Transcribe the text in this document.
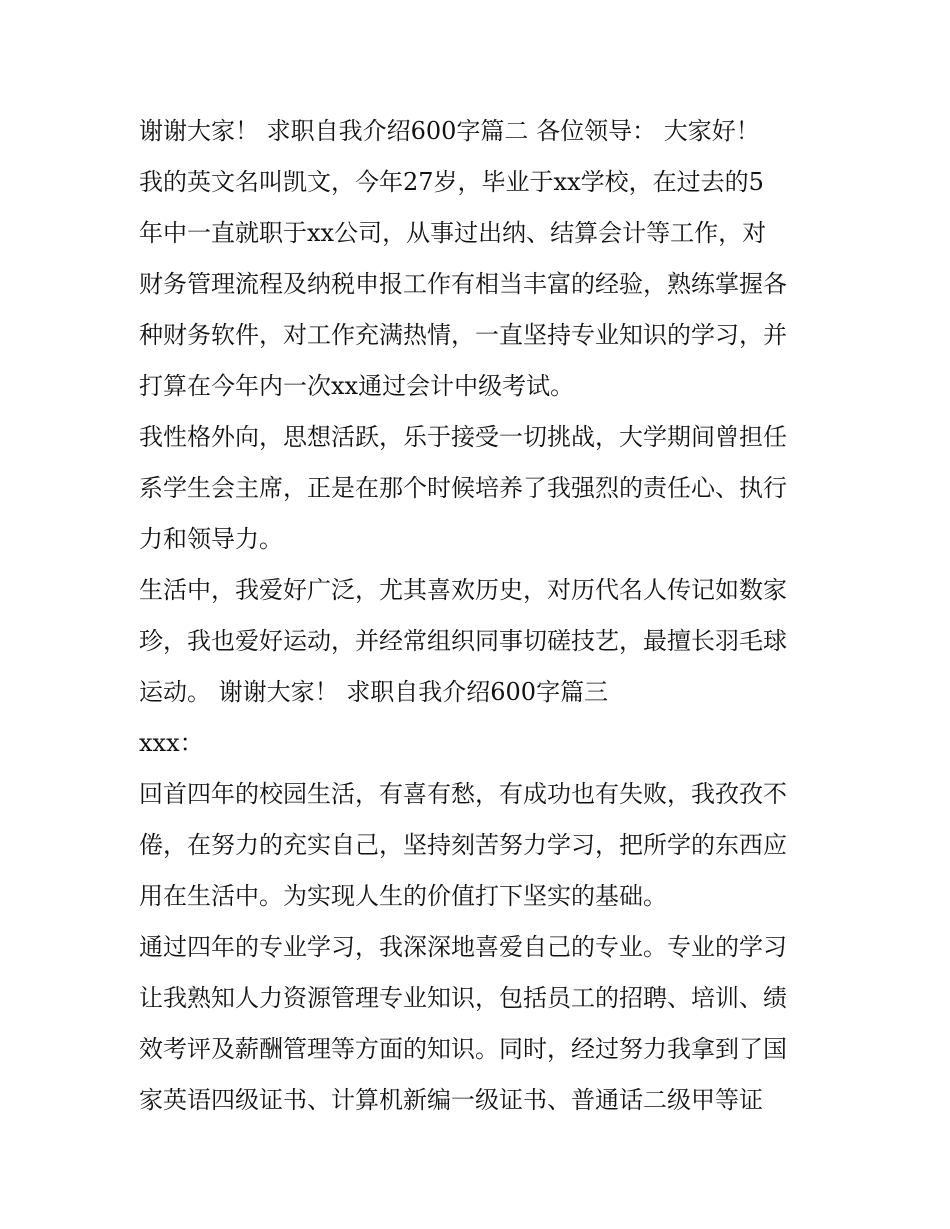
谢谢大家！ 求职自我介绍600字篇二 各位领导： 大家好！
我的英文名叫凯文，今年27岁，毕业于xx学校，在过去的5
年中一直就职于xx公司，从事过出纳、结算会计等工作，对
财务管理流程及纳税申报工作有相当丰富的经验，熟练掌握各
种财务软件，对工作充满热情，一直坚持专业知识的学习，并
打算在今年内一次xx通过会计中级考试。
我性格外向，思想活跃，乐于接受一切挑战，大学期间曾担任
系学生会主席，正是在那个时候培养了我强烈的责任心、执行
力和领导力。
生活中，我爱好广泛，尤其喜欢历史，对历代名人传记如数家
珍，我也爱好运动，并经常组织同事切磋技艺，最擅长羽毛球
运动。 谢谢大家！ 求职自我介绍600字篇三
xxx：
回首四年的校园生活，有喜有愁，有成功也有失败，我孜孜不
倦，在努力的充实自己，坚持刻苦努力学习，把所学的东西应
用在生活中。为实现人生的价值打下坚实的基础。
通过四年的专业学习，我深深地喜爱自己的专业。专业的学习
让我熟知人力资源管理专业知识，包括员工的招聘、培训、绩
效考评及薪酬管理等方面的知识。同时，经过努力我拿到了国
家英语四级证书、计算机新编一级证书、普通话二级甲等证
